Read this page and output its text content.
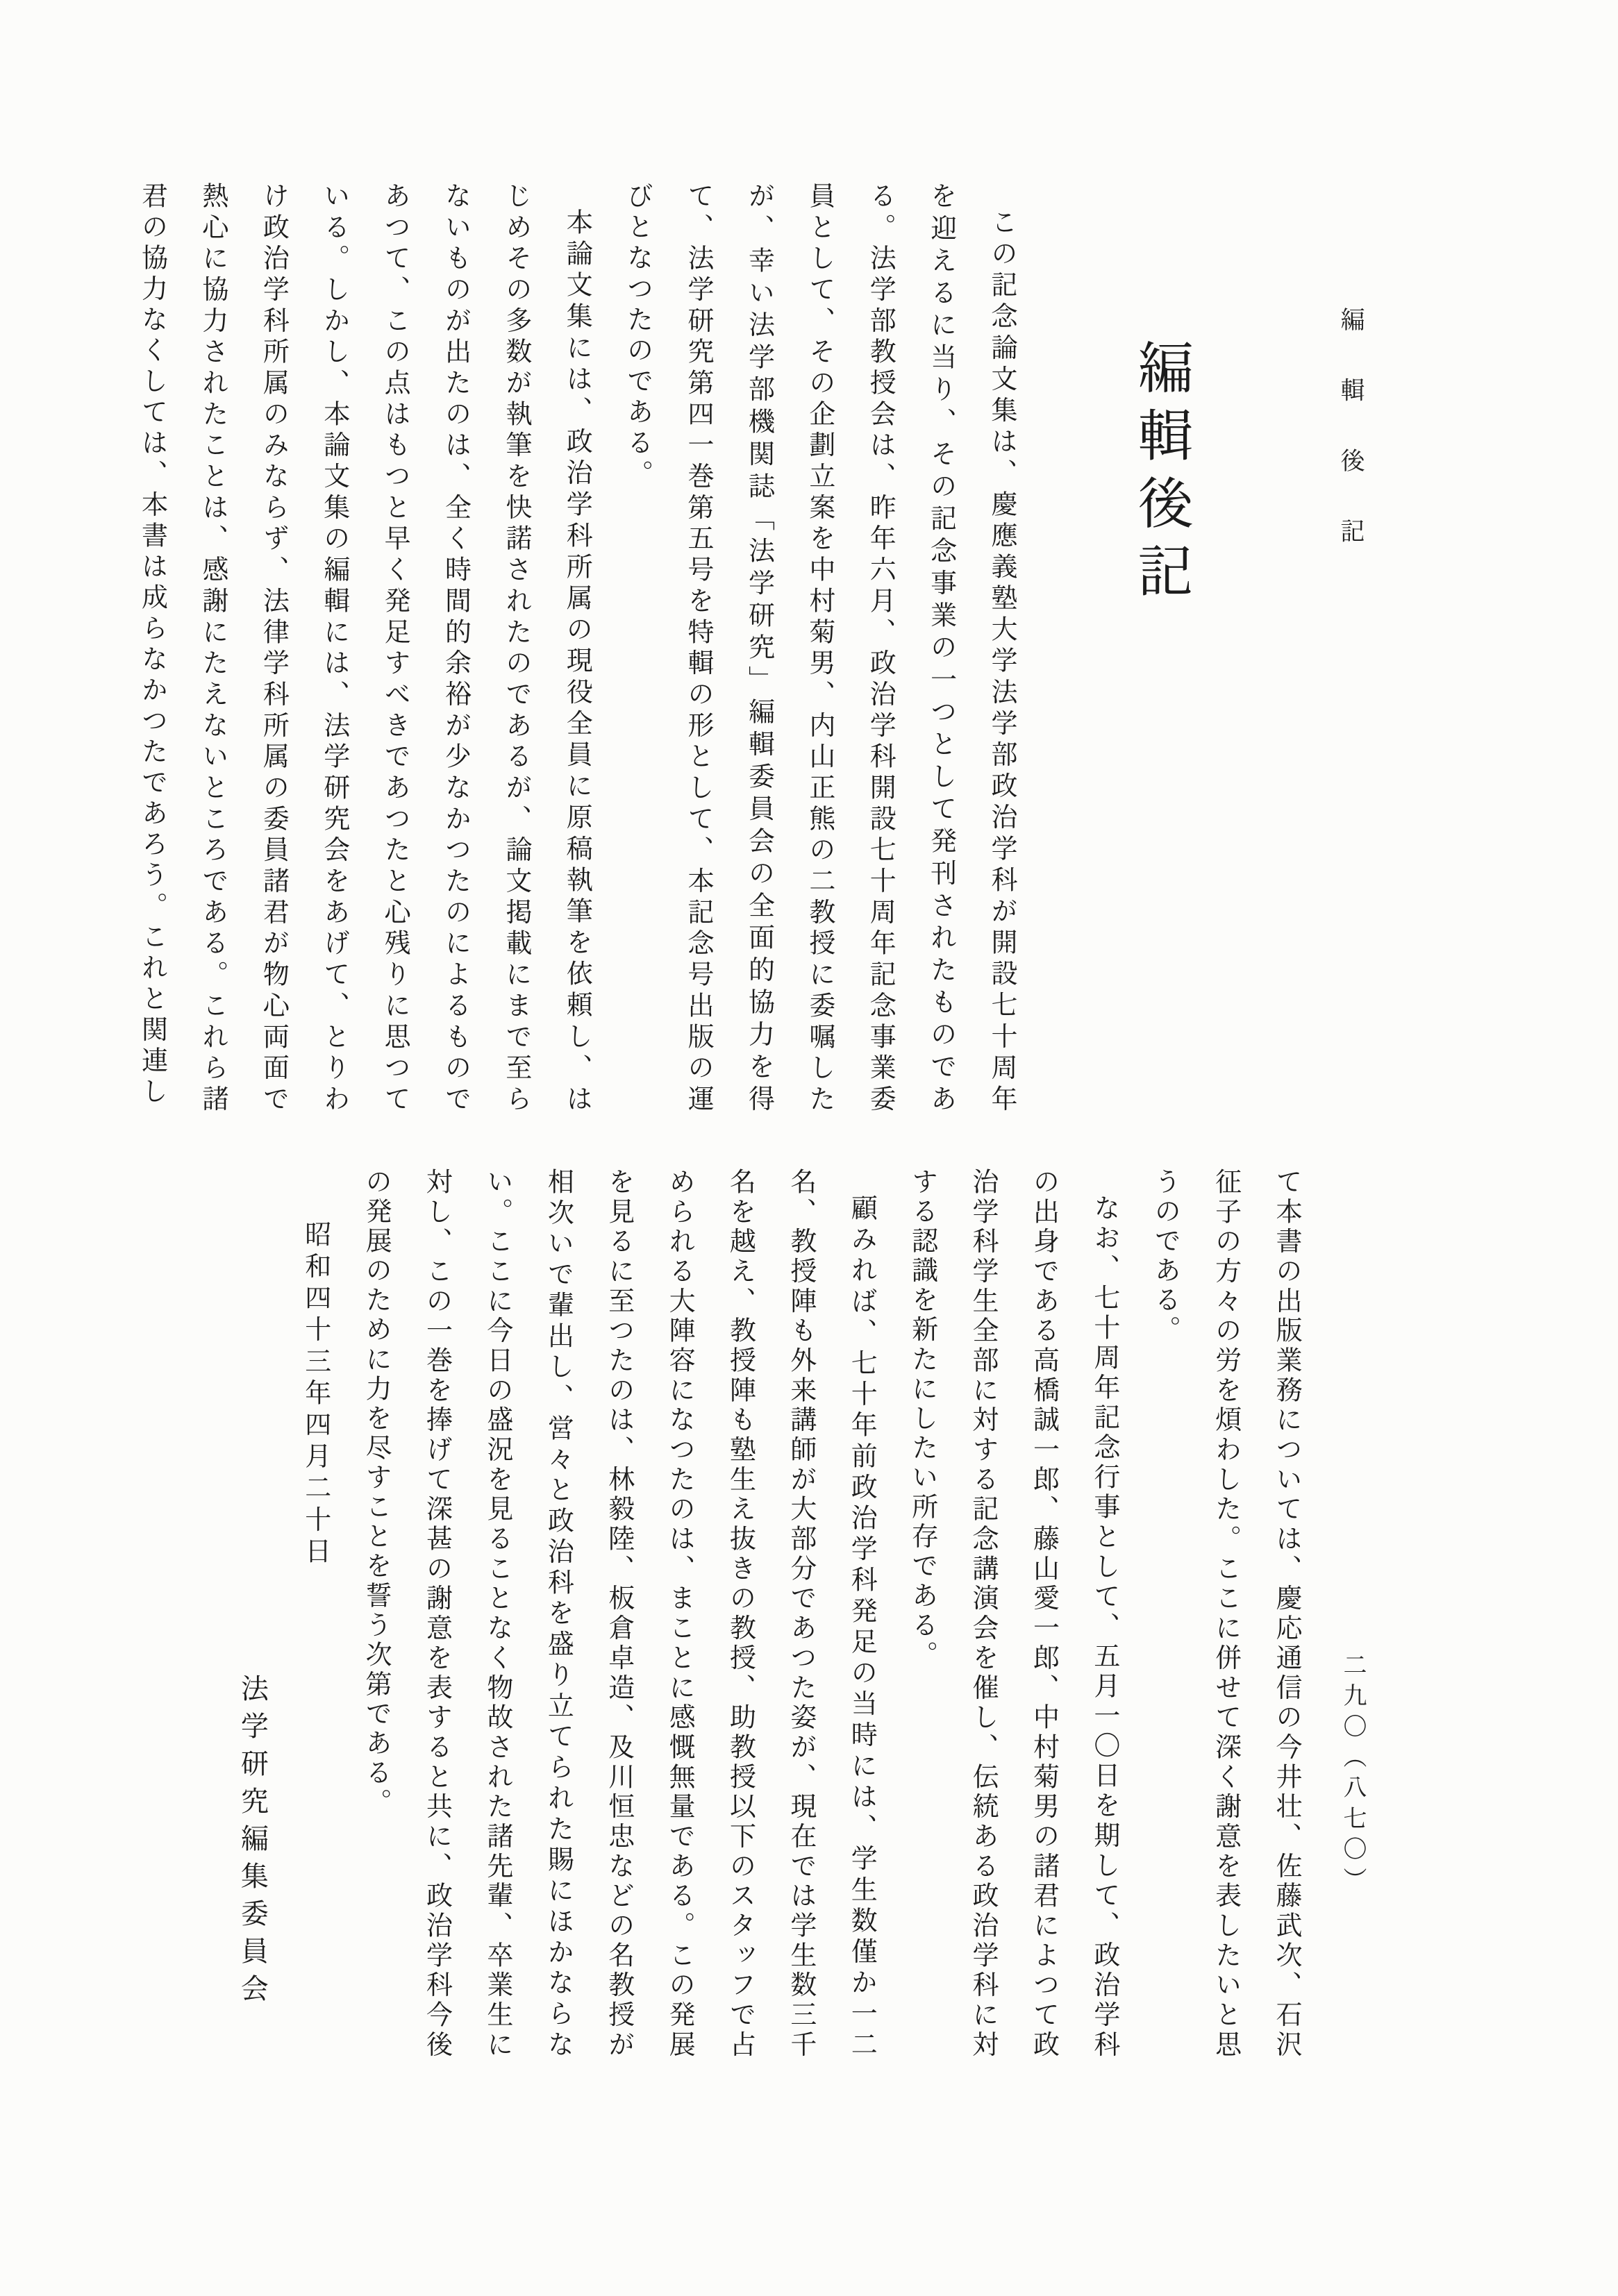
編輯後記
二九〇（八七〇）
編輯後記

この記念論文集は、慶應義塾大学法学部政治学科が開設七十周年を迎えるに当り、その記念事業の一つとして発刊されたものである。法学部教授会は、昨年六月、政治学科開設七十周年記念事業委員として、その企劃立案を中村菊男、内山正熊の二教授に委嘱したが、幸い法学部機関誌「法学研究」編輯委員会の全面的協力を得て、法学研究第四一巻第五号を特輯の形として、本記念号出版の運びとなつたのである。

本論文集には、政治学科所属の現役全員に原稿執筆を依頼し、はじめその多数が執筆を快諾されたのであるが、論文掲載にまで至らないものが出たのは、全く時間的余裕が少なかつたのによるものであつて、この点はもつと早く発足すべきであつたと心残りに思つている。しかし、本論文集の編輯には、法学研究会をあげて、とりわけ政治学科所属のみならず、法律学科所属の委員諸君が物心両面で熱心に協力されたことは、感謝にたえないところである。これら諸君の協力なくしては、本書は成らなかつたであろう。これと関連し

て本書の出版業務については、慶応通信の今井壮、佐藤武次、石沢征子の方々の労を煩わした。ここに併せて深く謝意を表したいと思うのである。

なお、七十周年記念行事として、五月一〇日を期して、政治学科の出身である高橋誠一郎、藤山愛一郎、中村菊男の諸君によつて政治学科学生全部に対する記念講演会を催し、伝統ある政治学科に対する認識を新たにしたい所存である。

顧みれば、七十年前政治学科発足の当時には、学生数僅か一二名、教授陣も外来講師が大部分であつた姿が、現在では学生数三千名を越え、教授陣も塾生え抜きの教授、助教授以下のスタッフで占められる大陣容になつたのは、まことに感慨無量である。この発展を見るに至つたのは、林毅陸、板倉卓造、及川恒忠などの名教授が相次いで輩出し、営々と政治科を盛り立てられた賜にほかならない。ここに今日の盛況を見ることなく物故された諸先輩、卒業生に対し、この一巻を捧げて深甚の謝意を表すると共に、政治学科今後の発展のために力を尽すことを誓う次第である。

昭和四十三年四月二十日

法学研究編集委員会
